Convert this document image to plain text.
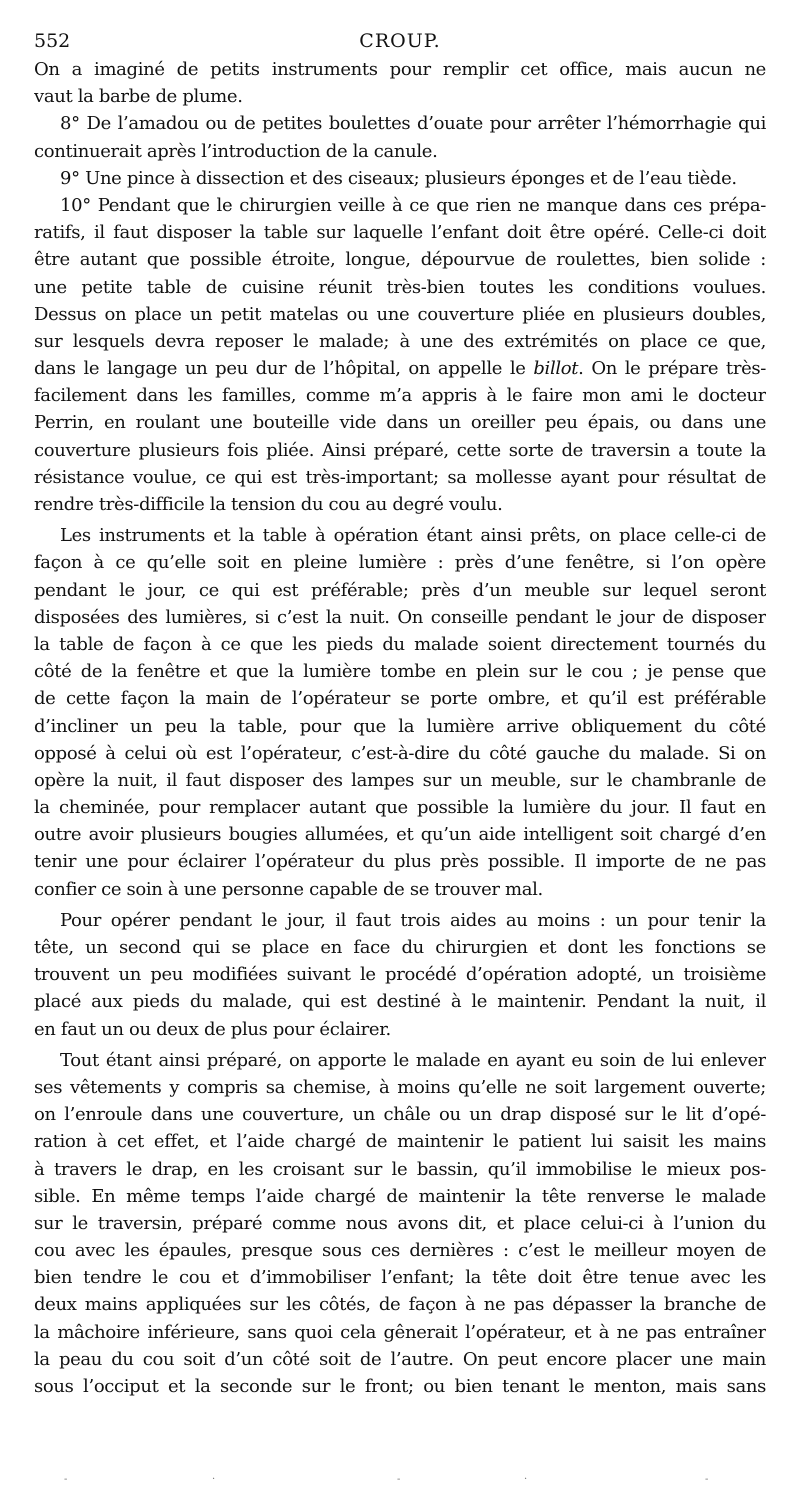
552	CROUP.
On a imaginé de petits instruments pour remplir cet office, mais aucun ne
vaut la barbe de plume.
8° De l’amadou ou de petites boulettes d’ouate pour arrêter l’hémorrhagie qui
continuerait après l’introduction de la canule.
9° Une pince à dissection et des ciseaux; plusieurs éponges et de l’eau tiède.
10° Pendant que le chirurgien veille à ce que rien ne manque dans ces prépa-
ratifs, il faut disposer la table sur laquelle l’enfant doit être opéré. Celle-ci doit
être autant que possible étroite, longue, dépourvue de roulettes, bien solide :
une petite table de cuisine réunit très-bien toutes les conditions voulues.
Dessus on place un petit matelas ou une couverture pliée en plusieurs doubles,
sur lesquels devra reposer le malade; à une des extrémités on place ce que,
dans le langage un peu dur de l’hôpital, on appelle le billot. On le prépare très-
facilement dans les familles, comme m’a appris à le faire mon ami le docteur
Perrin, en roulant une bouteille vide dans un oreiller peu épais, ou dans une
couverture plusieurs fois pliée. Ainsi préparé, cette sorte de traversin a toute la
résistance voulue, ce qui est très-important; sa mollesse ayant pour résultat de
rendre très-difficile la tension du cou au degré voulu.
Les instruments et la table à opération étant ainsi prêts, on place celle-ci de
façon à ce qu’elle soit en pleine lumière : près d’une fenêtre, si l’on opère
pendant le jour, ce qui est préférable; près d’un meuble sur lequel seront
disposées des lumières, si c’est la nuit. On conseille pendant le jour de disposer
la table de façon à ce que les pieds du malade soient directement tournés du
côté de la fenêtre et que la lumière tombe en plein sur le cou ; je pense que
de cette façon la main de l’opérateur se porte ombre, et qu’il est préférable
d’incliner un peu la table, pour que la lumière arrive obliquement du côté
opposé à celui où est l’opérateur, c’est-à-dire du côté gauche du malade. Si on
opère la nuit, il faut disposer des lampes sur un meuble, sur le chambranle de
la cheminée, pour remplacer autant que possible la lumière du jour. Il faut en
outre avoir plusieurs bougies allumées, et qu’un aide intelligent soit chargé d’en
tenir une pour éclairer l’opérateur du plus près possible. Il importe de ne pas
confier ce soin à une personne capable de se trouver mal.
Pour opérer pendant le jour, il faut trois aides au moins : un pour tenir la
tête, un second qui se place en face du chirurgien et dont les fonctions se
trouvent un peu modifiées suivant le procédé d’opération adopté, un troisième
placé aux pieds du malade, qui est destiné à le maintenir. Pendant la nuit, il
en faut un ou deux de plus pour éclairer.
Tout étant ainsi préparé, on apporte le malade en ayant eu soin de lui enlever
ses vêtements y compris sa chemise, à moins qu’elle ne soit largement ouverte;
on l’enroule dans une couverture, un châle ou un drap disposé sur le lit d’opé-
ration à cet effet, et l’aide chargé de maintenir le patient lui saisit les mains
à travers le drap, en les croisant sur le bassin, qu’il immobilise le mieux pos-
sible. En même temps l’aide chargé de maintenir la tête renverse le malade
sur le traversin, préparé comme nous avons dit, et place celui-ci à l’union du
cou avec les épaules, presque sous ces dernières : c’est le meilleur moyen de
bien tendre le cou et d’immobiliser l’enfant; la tête doit être tenue avec les
deux mains appliquées sur les côtés, de façon à ne pas dépasser la branche de
la mâchoire inférieure, sans quoi cela gênerait l’opérateur, et à ne pas entraîner
la peau du cou soit d’un côté soit de l’autre. On peut encore placer une main
sous l’occiput et la seconde sur le front; ou bien tenant le menton, mais sans
-	·	-	·	-
